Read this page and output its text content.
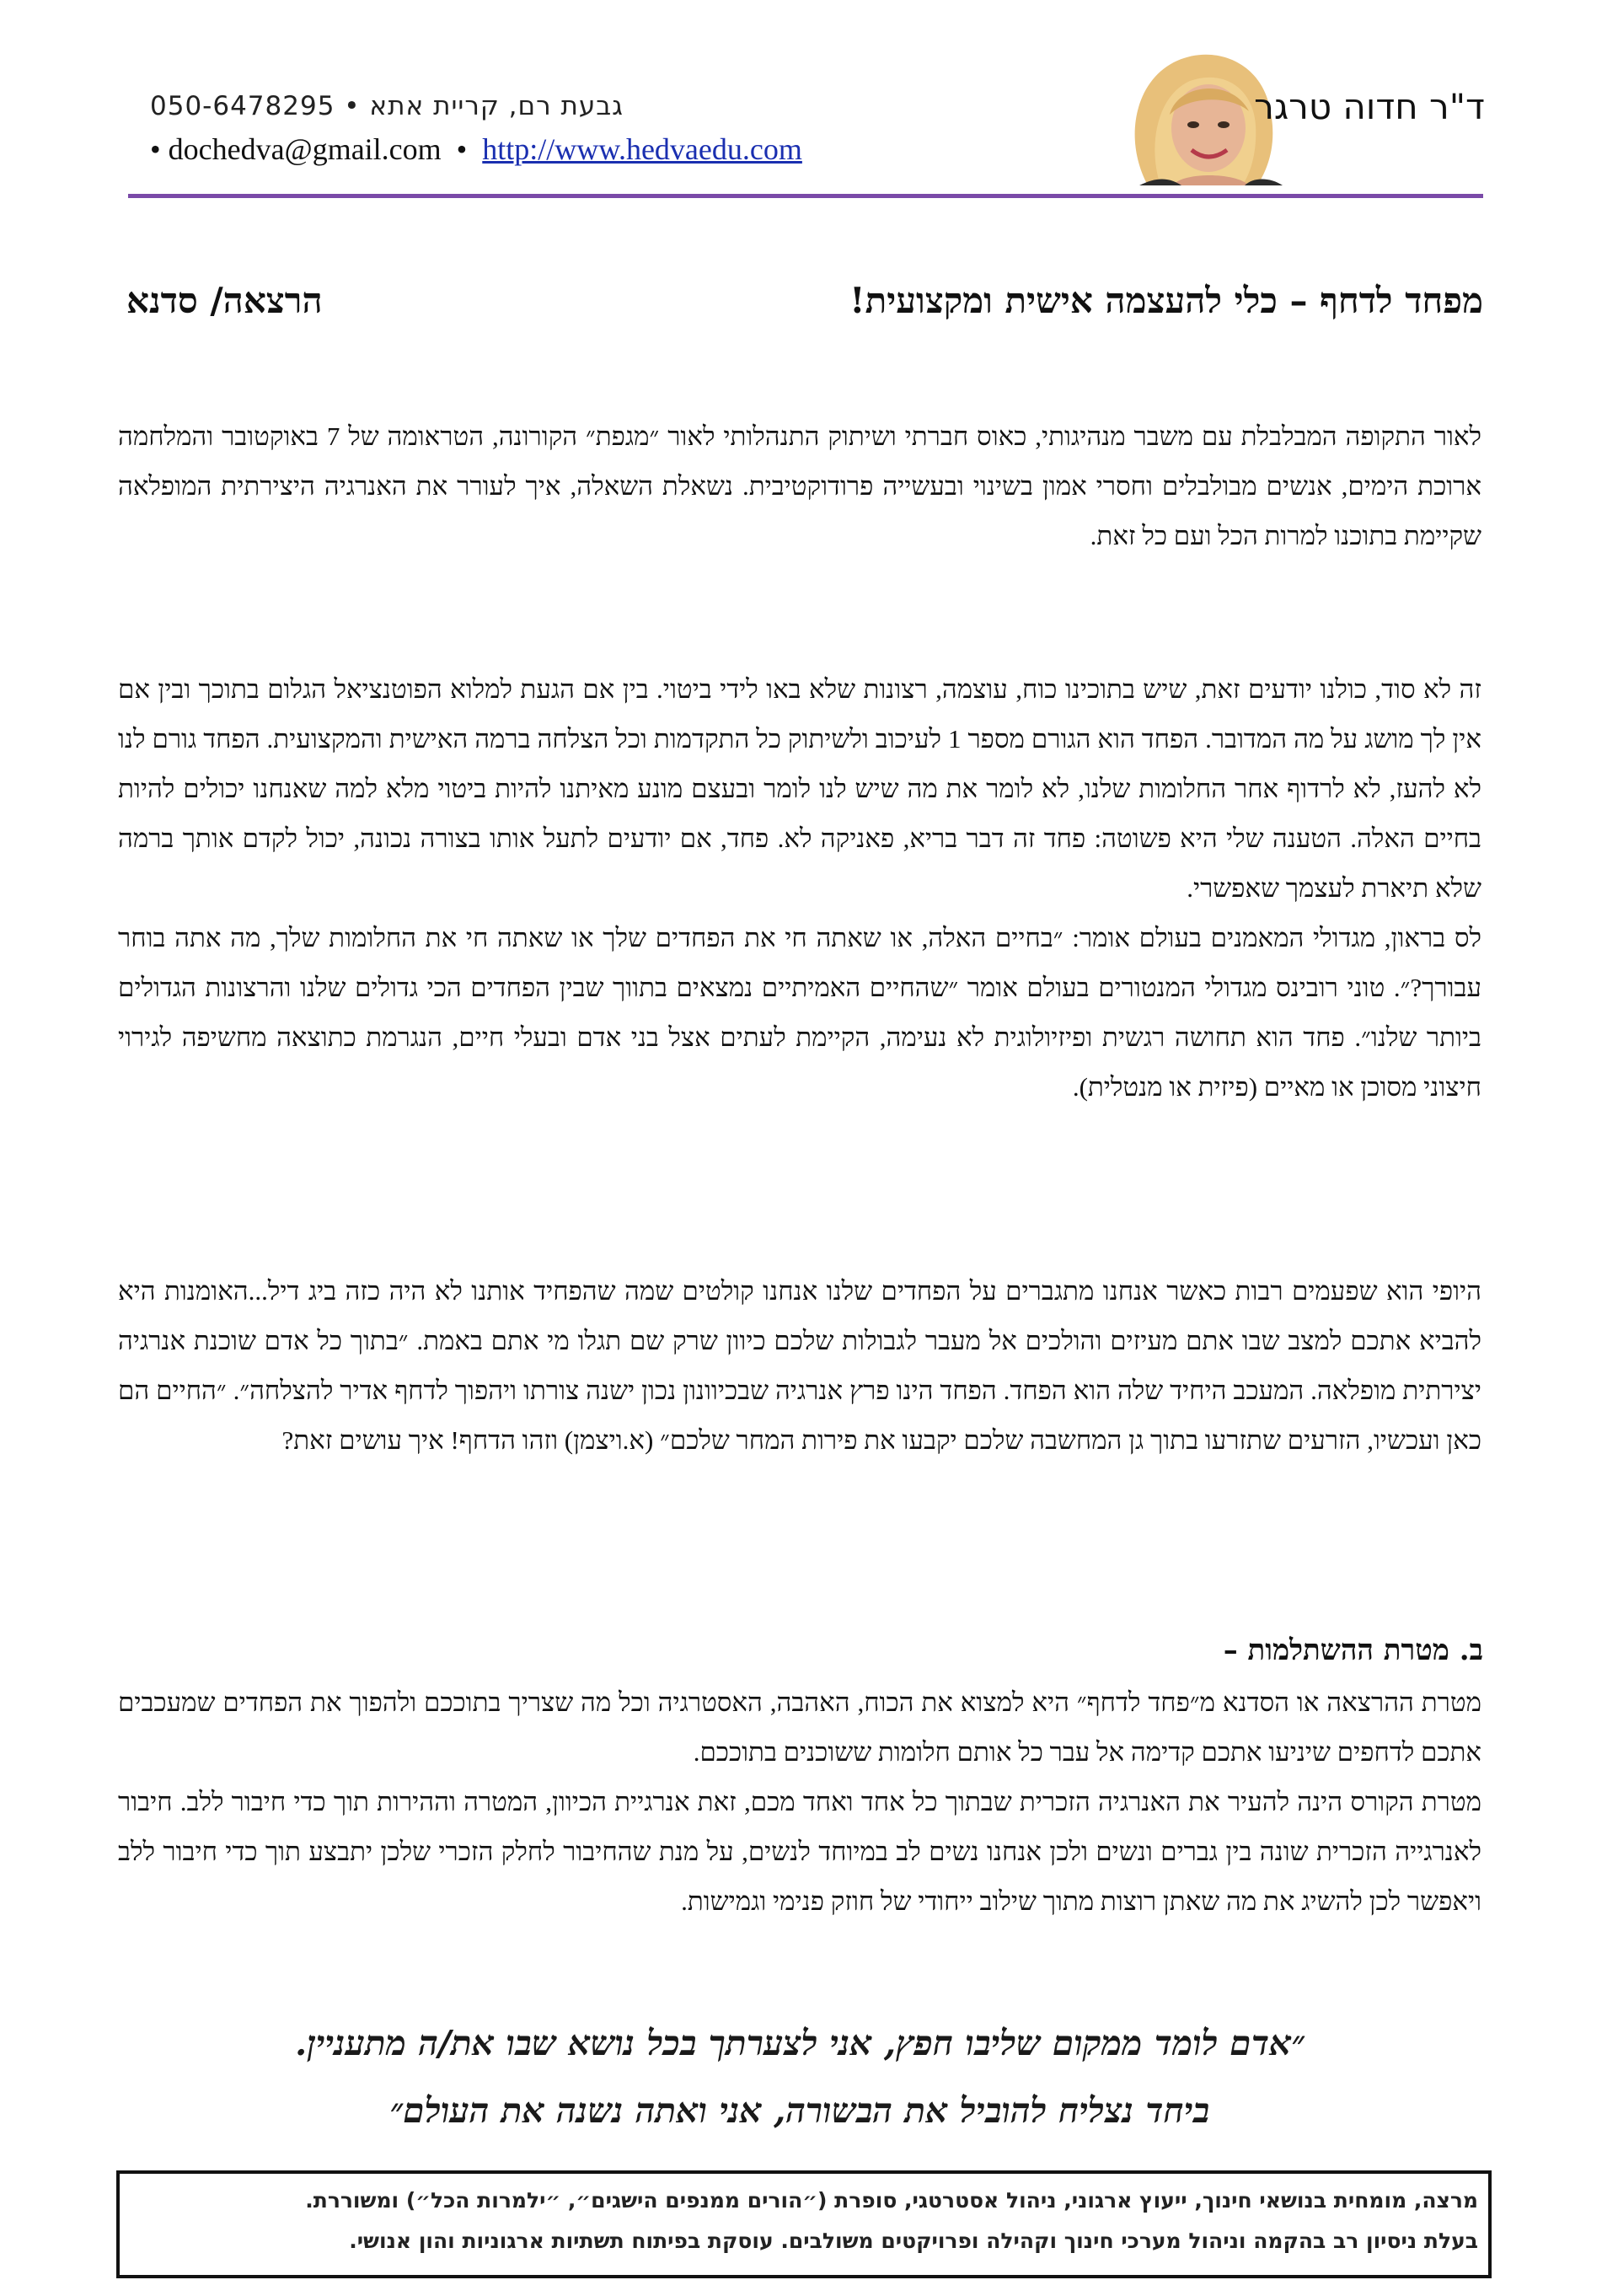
050-6478295 • גבעת רם, קריית אתא
• dochedva@gmail.com • http://www.hedvaedu.com
ד"ר חדוה טרגר
מפחד לדחף – כלי להעצמה אישית ומקצועית!
הרצאה/ סדנא

לאור התקופה המבלבלת עם משבר מנהיגותי, כאוס חברתי ושיתוק התנהלותי לאור ״מגפת״ הקורונה, הטראומה של 7 באוקטובר והמלחמה ארוכת הימים, אנשים מבולבלים וחסרי אמון בשינוי ובעשייה פרודוקטיבית. נשאלת השאלה, איך לעורר את האנרגיה היצירתית המופלאה שקיימת בתוכנו למרות הכל ועם כל זאת.

זה לא סוד, כולנו יודעים זאת, שיש בתוכינו כוח, עוצמה, רצונות שלא באו לידי ביטוי. בין אם הגעת למלוא הפוטנציאל הגלום בתוכך ובין אם אין לך מושג על מה המדובר. הפחד הוא הגורם מספר 1 לעיכוב ולשיתוק כל התקדמות וכל הצלחה ברמה האישית והמקצועית. הפחד גורם לנו לא להעז, לא לרדוף אחר החלומות שלנו, לא לומר את מה שיש לנו לומר ובעצם מונע מאיתנו להיות ביטוי מלא למה שאנחנו יכולים להיות בחיים האלה. הטענה שלי היא פשוטה: פחד זה דבר בריא, פאניקה לא. פחד, אם יודעים לתעל אותו בצורה נכונה, יכול לקדם אותך ברמה שלא תיארת לעצמך שאפשרי.

לס בראון, מגדולי המאמנים בעולם אומר: ״בחיים האלה, או שאתה חי את הפחדים שלך או שאתה חי את החלומות שלך, מה אתה בוחר עבורך?״. טוני רובינס מגדולי המנטורים בעולם אומר ״שהחיים האמיתיים נמצאים בתווך שבין הפחדים הכי גדולים שלנו והרצונות הגדולים ביותר שלנו״. פחד הוא תחושה רגשית ופיזיולוגית לא נעימה, הקיימת לעתים אצל בני אדם ובעלי חיים, הנגרמת כתוצאה מחשיפה לגירוי חיצוני מסוכן או מאיים (פיזית או מנטלית).

היופי הוא שפעמים רבות כאשר אנחנו מתגברים על הפחדים שלנו אנחנו קולטים שמה שהפחיד אותנו לא היה כזה ביג דיל...האומנות היא להביא אתכם למצב שבו אתם מעיזים והולכים אל מעבר לגבולות שלכם כיוון שרק שם תגלו מי אתם באמת. ״בתוך כל אדם שוכנת אנרגיה יצירתית מופלאה. המעכב היחיד שלה הוא הפחד. הפחד הינו פרץ אנרגיה שבכיוונון נכון ישנה צורתו ויהפוך לדחף אדיר להצלחה״. ״החיים הם כאן ועכשיו, הזרעים שתזרעו בתוך גן המחשבה שלכם יקבעו את פירות המחר שלכם״ (א.ויצמן) וזהו הדחף! איך עושים זאת?

ב. מטרת ההשתלמות –

מטרת ההרצאה או הסדנא מ״פחד לדחף״ היא למצוא את הכוח, האהבה, האסטרגיה וכל מה שצריך בתוככם ולהפוך את הפחדים שמעכבים אתכם לדחפים שיניעו אתכם קדימה אל עבר כל אותם חלומות ששוכנים בתוככם.

מטרת הקורס הינה להעיר את האנרגיה הזכרית שבתוך כל אחד ואחד מכם, זאת אנרגיית הכיוון, המטרה וההירות תוך כדי חיבור ללב. חיבור לאנרגייה הזכרית שונה בין גברים ונשים ולכן אנחנו נשים לב במיוחד לנשים, על מנת שהחיבור לחלק הזכרי שלכן יתבצע תוך כדי חיבור ללב ויאפשר לכן להשיג את מה שאתן רוצות מתוך שילוב ייחודי של חוזק פנימי וגמישות.

״אדם לומד ממקום שליבו חפץ, אני לצערתך בכל נושא שבו את/ה מתעניין.
ביחד נצליח להוביל את הבשורה, אני ואתה נשנה את העולם״
מרצה, מומחית בנושאי חינוך, ייעוץ ארגוני, ניהול אסטרטגי, סופרת (״הורים ממנפים הישגים״, ״ילמרות הכל״) ומשוררת.
בעלת ניסיון רב בהקמה וניהול מערכי חינוך וקהילה ופרויקטים משולבים. עוסקת בפיתוח תשתיות ארגוניות והון אנושי.
